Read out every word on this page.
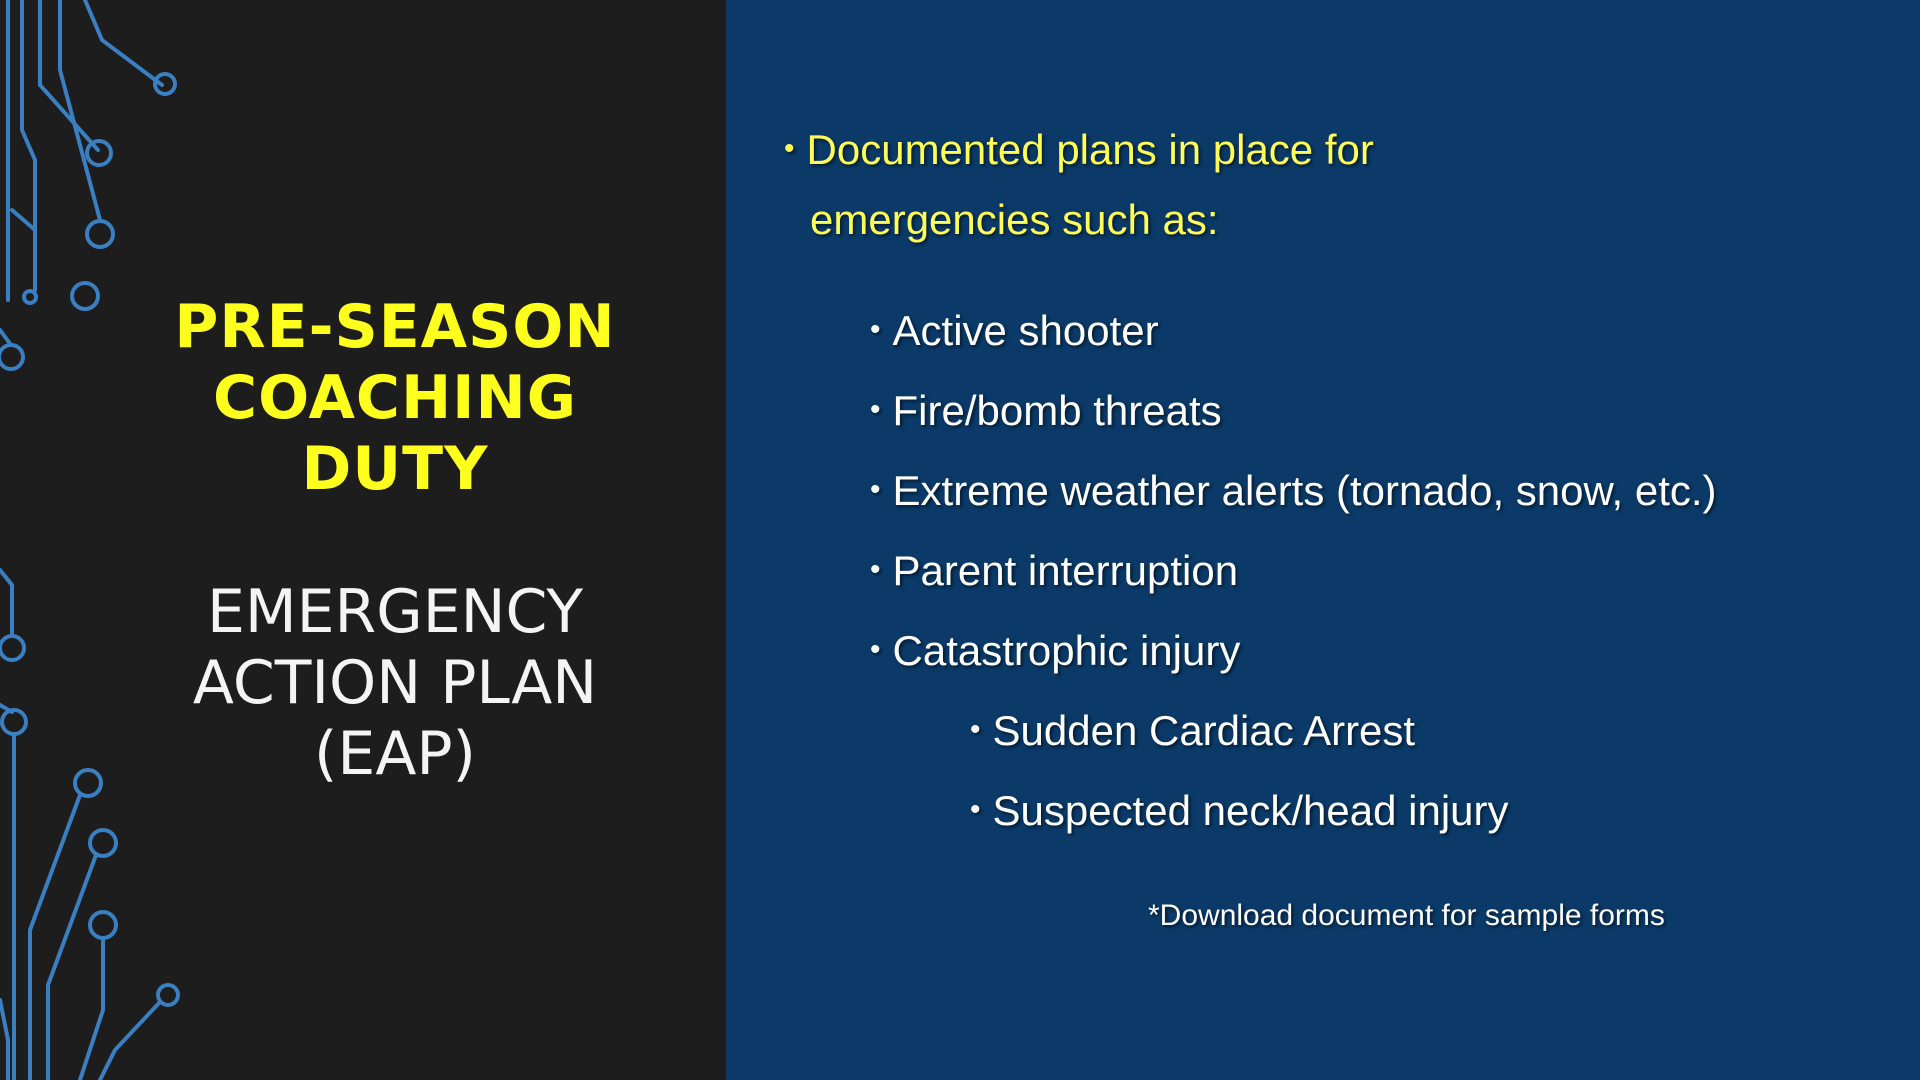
PRE-SEASON
COACHING
DUTY
EMERGENCY
ACTION PLAN
(EAP)
• Documented plans in place for
emergencies such as:
• Active shooter
• Fire/bomb threats
• Extreme weather alerts (tornado, snow, etc.)
• Parent interruption
• Catastrophic injury
• Sudden Cardiac Arrest
• Suspected neck/head injury
*Download document for sample forms
